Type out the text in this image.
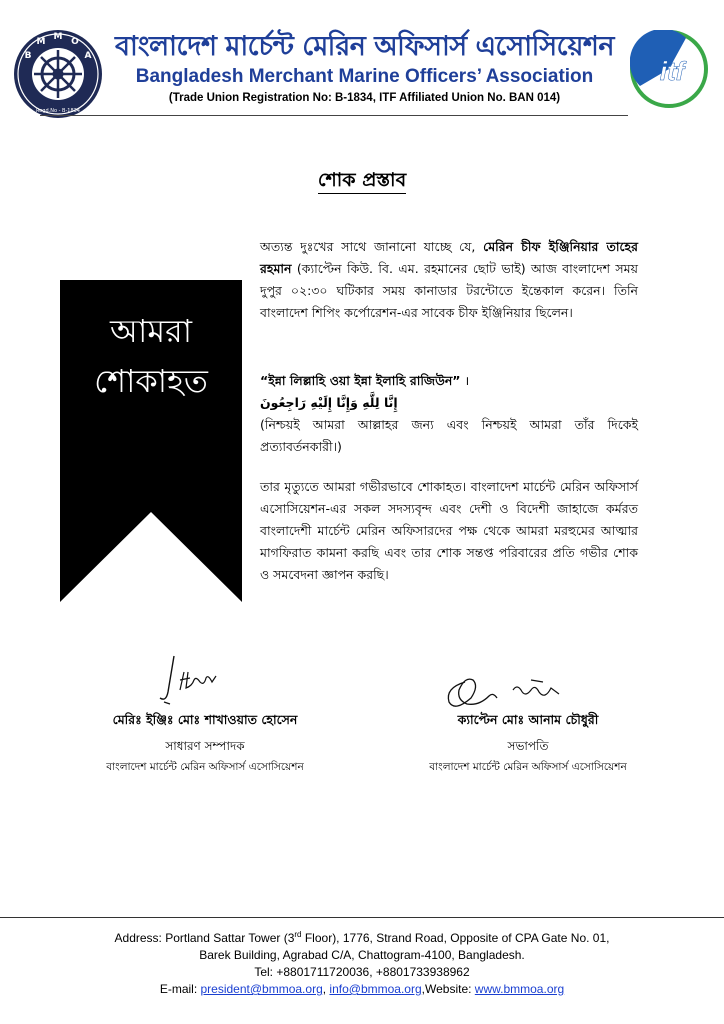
B
M M O
A
Regd.No - B-1834
বাংলাদেশ মার্চেন্ট মেরিন অফিসার্স এসোসিয়েশন
Bangladesh Merchant Marine Officers’ Association
(Trade Union Registration No: B-1834, ITF Affiliated Union No. BAN 014)
itf
শোক প্রস্তাব
আমরা
শোকাহত
অত্যন্ত দুঃখের সাথে জানানো যাচ্ছে যে, মেরিন চীফ ইঞ্জিনিয়ার তাহের রহমান (ক্যাপ্টেন কিউ. বি. এম. রহমানের ছোট ভাই) আজ বাংলাদেশ সময় দুপুর ০২:৩০ ঘটিকার সময় কানাডার টরন্টোতে ইন্তেকাল করেন। তিনি বাংলাদেশ শিপিং কর্পোরেশন-এর সাবেক চীফ ইঞ্জিনিয়ার ছিলেন।
“ইন্না লিল্লাহি ওয়া ইন্না ইলাহি রাজিউন” ।
إِنَّا لِلَّهِ وَإِنَّا إِلَيْهِ رَاجِعُونَ
(নিশ্চয়ই আমরা আল্লাহর জন্য এবং নিশ্চয়ই আমরা তাঁর দিকেই প্রত্যাবর্তনকারী।)
তার মৃত্যুতে আমরা গভীরভাবে শোকাহত। বাংলাদেশ মার্চেন্ট মেরিন অফিসার্স এসোসিয়েশন-এর সকল সদস্যবৃন্দ এবং দেশী ও বিদেশী জাহাজে কর্মরত বাংলাদেশী মার্চেন্ট মেরিন অফিসারদের পক্ষ থেকে আমরা মরহুমের আত্মার মাগফিরাত কামনা করছি এবং তার শোক সন্তপ্ত পরিবারের প্রতি গভীর শোক ও সমবেদনা জ্ঞাপন করছি।
মেরিঃ ইঞ্জিঃ মোঃ শাখাওয়াত হোসেন
সাধারণ সম্পাদক
বাংলাদেশ মার্চেন্ট মেরিন অফিসার্স এসোসিয়েশন
ক্যাপ্টেন মোঃ আনাম চৌধুরী
সভাপতি
বাংলাদেশ মার্চেন্ট মেরিন অফিসার্স এসোসিয়েশন
Address: Portland Sattar Tower (3rd Floor), 1776, Strand Road, Opposite of CPA Gate No. 01,
Barek Building, Agrabad C/A, Chattogram-4100, Bangladesh.
Tel: +8801711720036, +8801733938962
E-mail: president@bmmoa.org, info@bmmoa.org,Website: www.bmmoa.org
